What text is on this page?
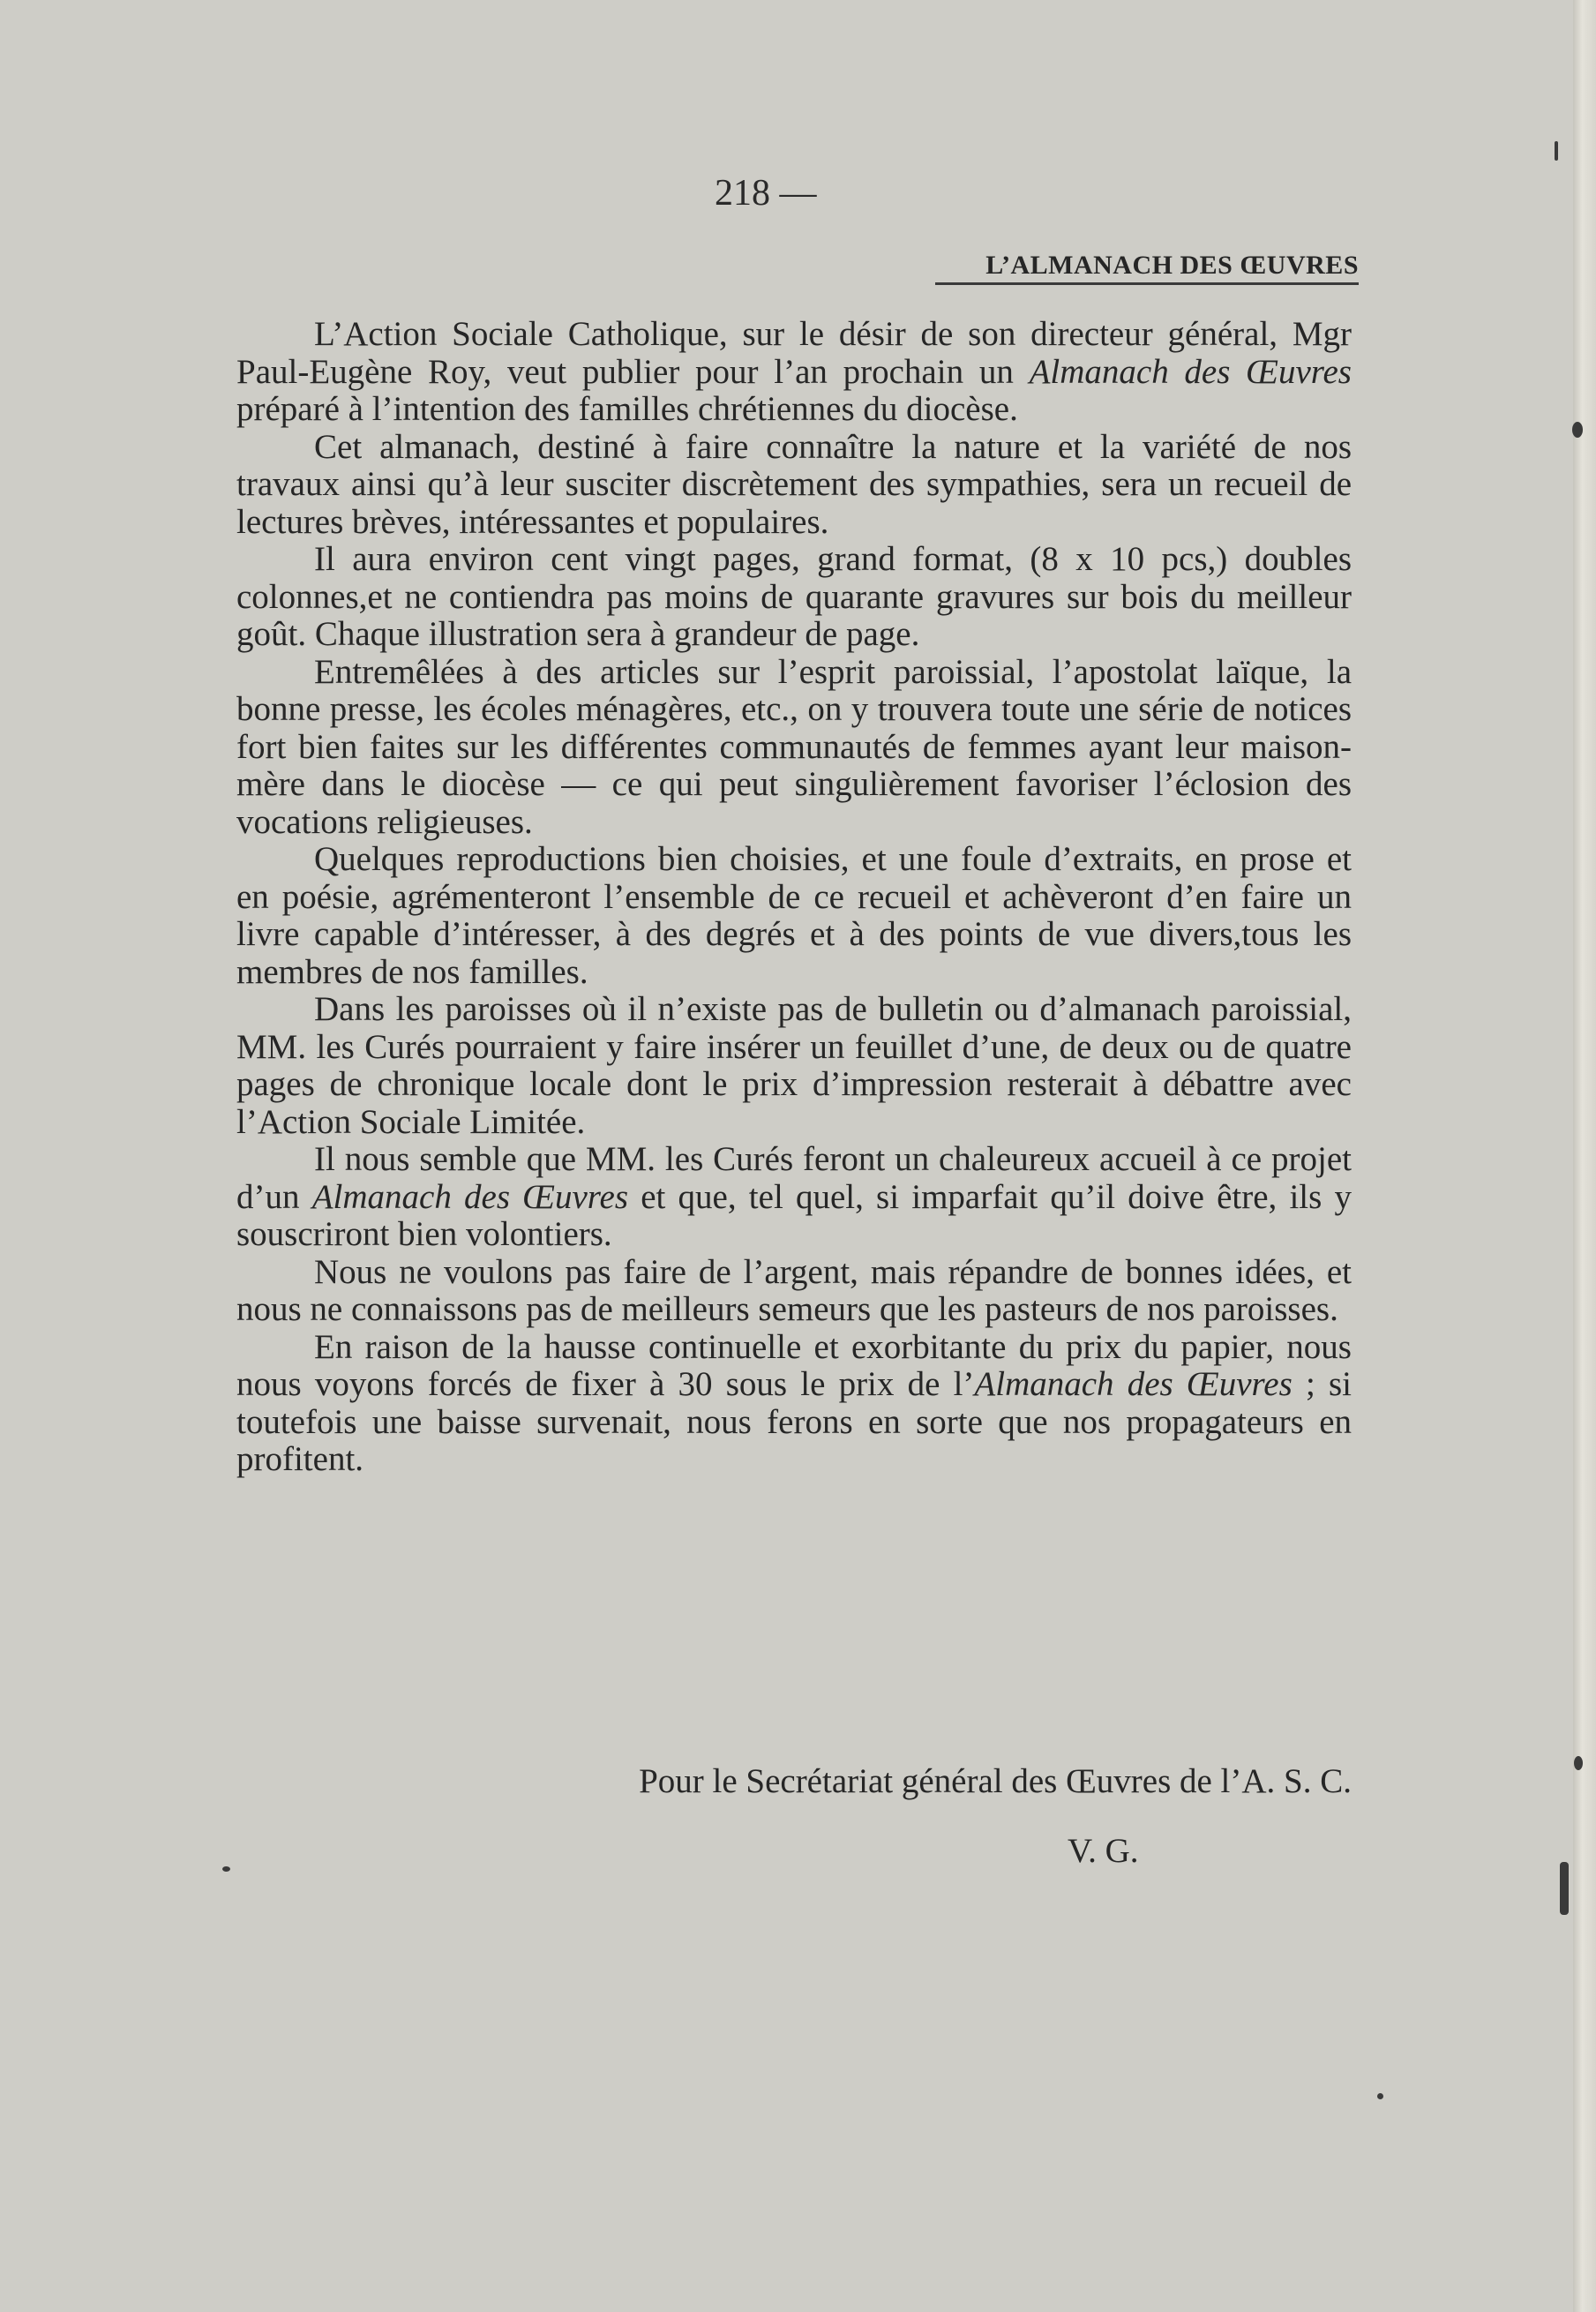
218 —
L’ALMANACH DES ŒUVRES

L’Action Sociale Catholique, sur le désir de son directeur général, Mgr Paul-Eugène Roy, veut publier pour l’an prochain un Almanach des Œuvres préparé à l’intention des familles chrétiennes du diocèse.

Cet almanach, destiné à faire connaître la nature et la variété de nos travaux ainsi qu’à leur susciter discrètement des sympathies, sera un recueil de lectures brèves, intéressantes et populaires.

Il aura environ cent vingt pages, grand format, (8 x 10 pcs,) doubles colonnes,et ne contiendra pas moins de quarante gravures sur bois du meilleur goût. Chaque illustration sera à grandeur de page.

Entremêlées à des articles sur l’esprit paroissial, l’apostolat laïque, la bonne presse, les écoles ménagères, etc., on y trouvera toute une série de notices fort bien faites sur les différentes communautés de femmes ayant leur maison-mère dans le diocèse — ce qui peut singulièrement favoriser l’éclosion des vocations religieuses.

Quelques reproductions bien choisies, et une foule d’extraits, en prose et en poésie, agrémenteront l’ensemble de ce recueil et achèveront d’en faire un livre capable d’intéresser, à des degrés et à des points de vue divers,tous les membres de nos familles.

Dans les paroisses où il n’existe pas de bulletin ou d’almanach paroissial, MM. les Curés pourraient y faire insérer un feuillet d’une, de deux ou de quatre pages de chronique locale dont le prix d’impression resterait à débattre avec l’Action Sociale Limitée.

Il nous semble que MM. les Curés feront un chaleureux accueil à ce projet d’un Almanach des Œuvres et que, tel quel, si imparfait qu’il doive être, ils y souscriront bien volontiers.

Nous ne voulons pas faire de l’argent, mais répandre de bonnes idées, et nous ne connaissons pas de meilleurs semeurs que les pasteurs de nos paroisses.

En raison de la hausse continuelle et exorbitante du prix du papier, nous nous voyons forcés de fixer à 30 sous le prix de l’Almanach des Œuvres ; si toutefois une baisse survenait, nous ferons en sorte que nos propagateurs en profitent.

Pour le Secrétariat général des Œuvres de l’A. S. C.
V. G.
